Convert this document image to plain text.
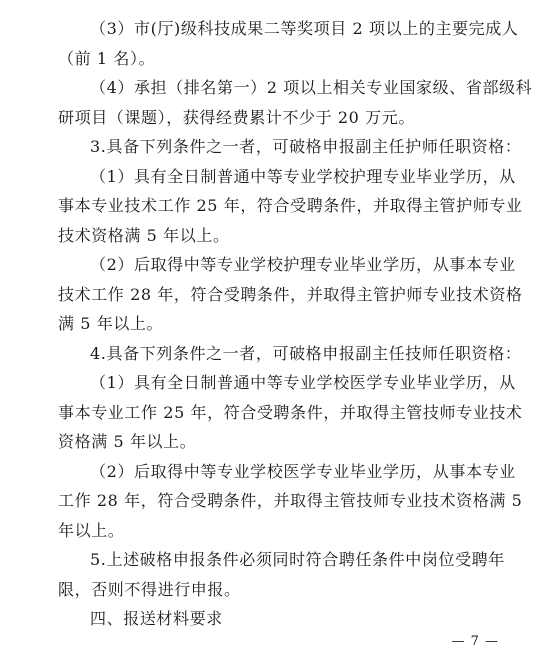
（3）市(厅)级科技成果二等奖项目 2 项以上的主要完成人
（前 1 名）。

（4）承担（排名第一）2 项以上相关专业国家级、省部级科
研项目（课题），获得经费累计不少于 20 万元。

3.具备下列条件之一者，可破格申报副主任护师任职资格：

（1）具有全日制普通中等专业学校护理专业毕业学历，从
事本专业技术工作 25 年，符合受聘条件，并取得主管护师专业
技术资格满 5 年以上。

（2）后取得中等专业学校护理专业毕业学历，从事本专业
技术工作 28 年，符合受聘条件，并取得主管护师专业技术资格
满 5 年以上。

4.具备下列条件之一者，可破格申报副主任技师任职资格：

（1）具有全日制普通中等专业学校医学专业毕业学历，从
事本专业工作 25 年，符合受聘条件，并取得主管技师专业技术
资格满 5 年以上。

（2）后取得中等专业学校医学专业毕业学历，从事本专业
工作 28 年，符合受聘条件，并取得主管技师专业技术资格满 5
年以上。

5.上述破格申报条件必须同时符合聘任条件中岗位受聘年
限，否则不得进行申报。

四、报送材料要求

— 7 —
